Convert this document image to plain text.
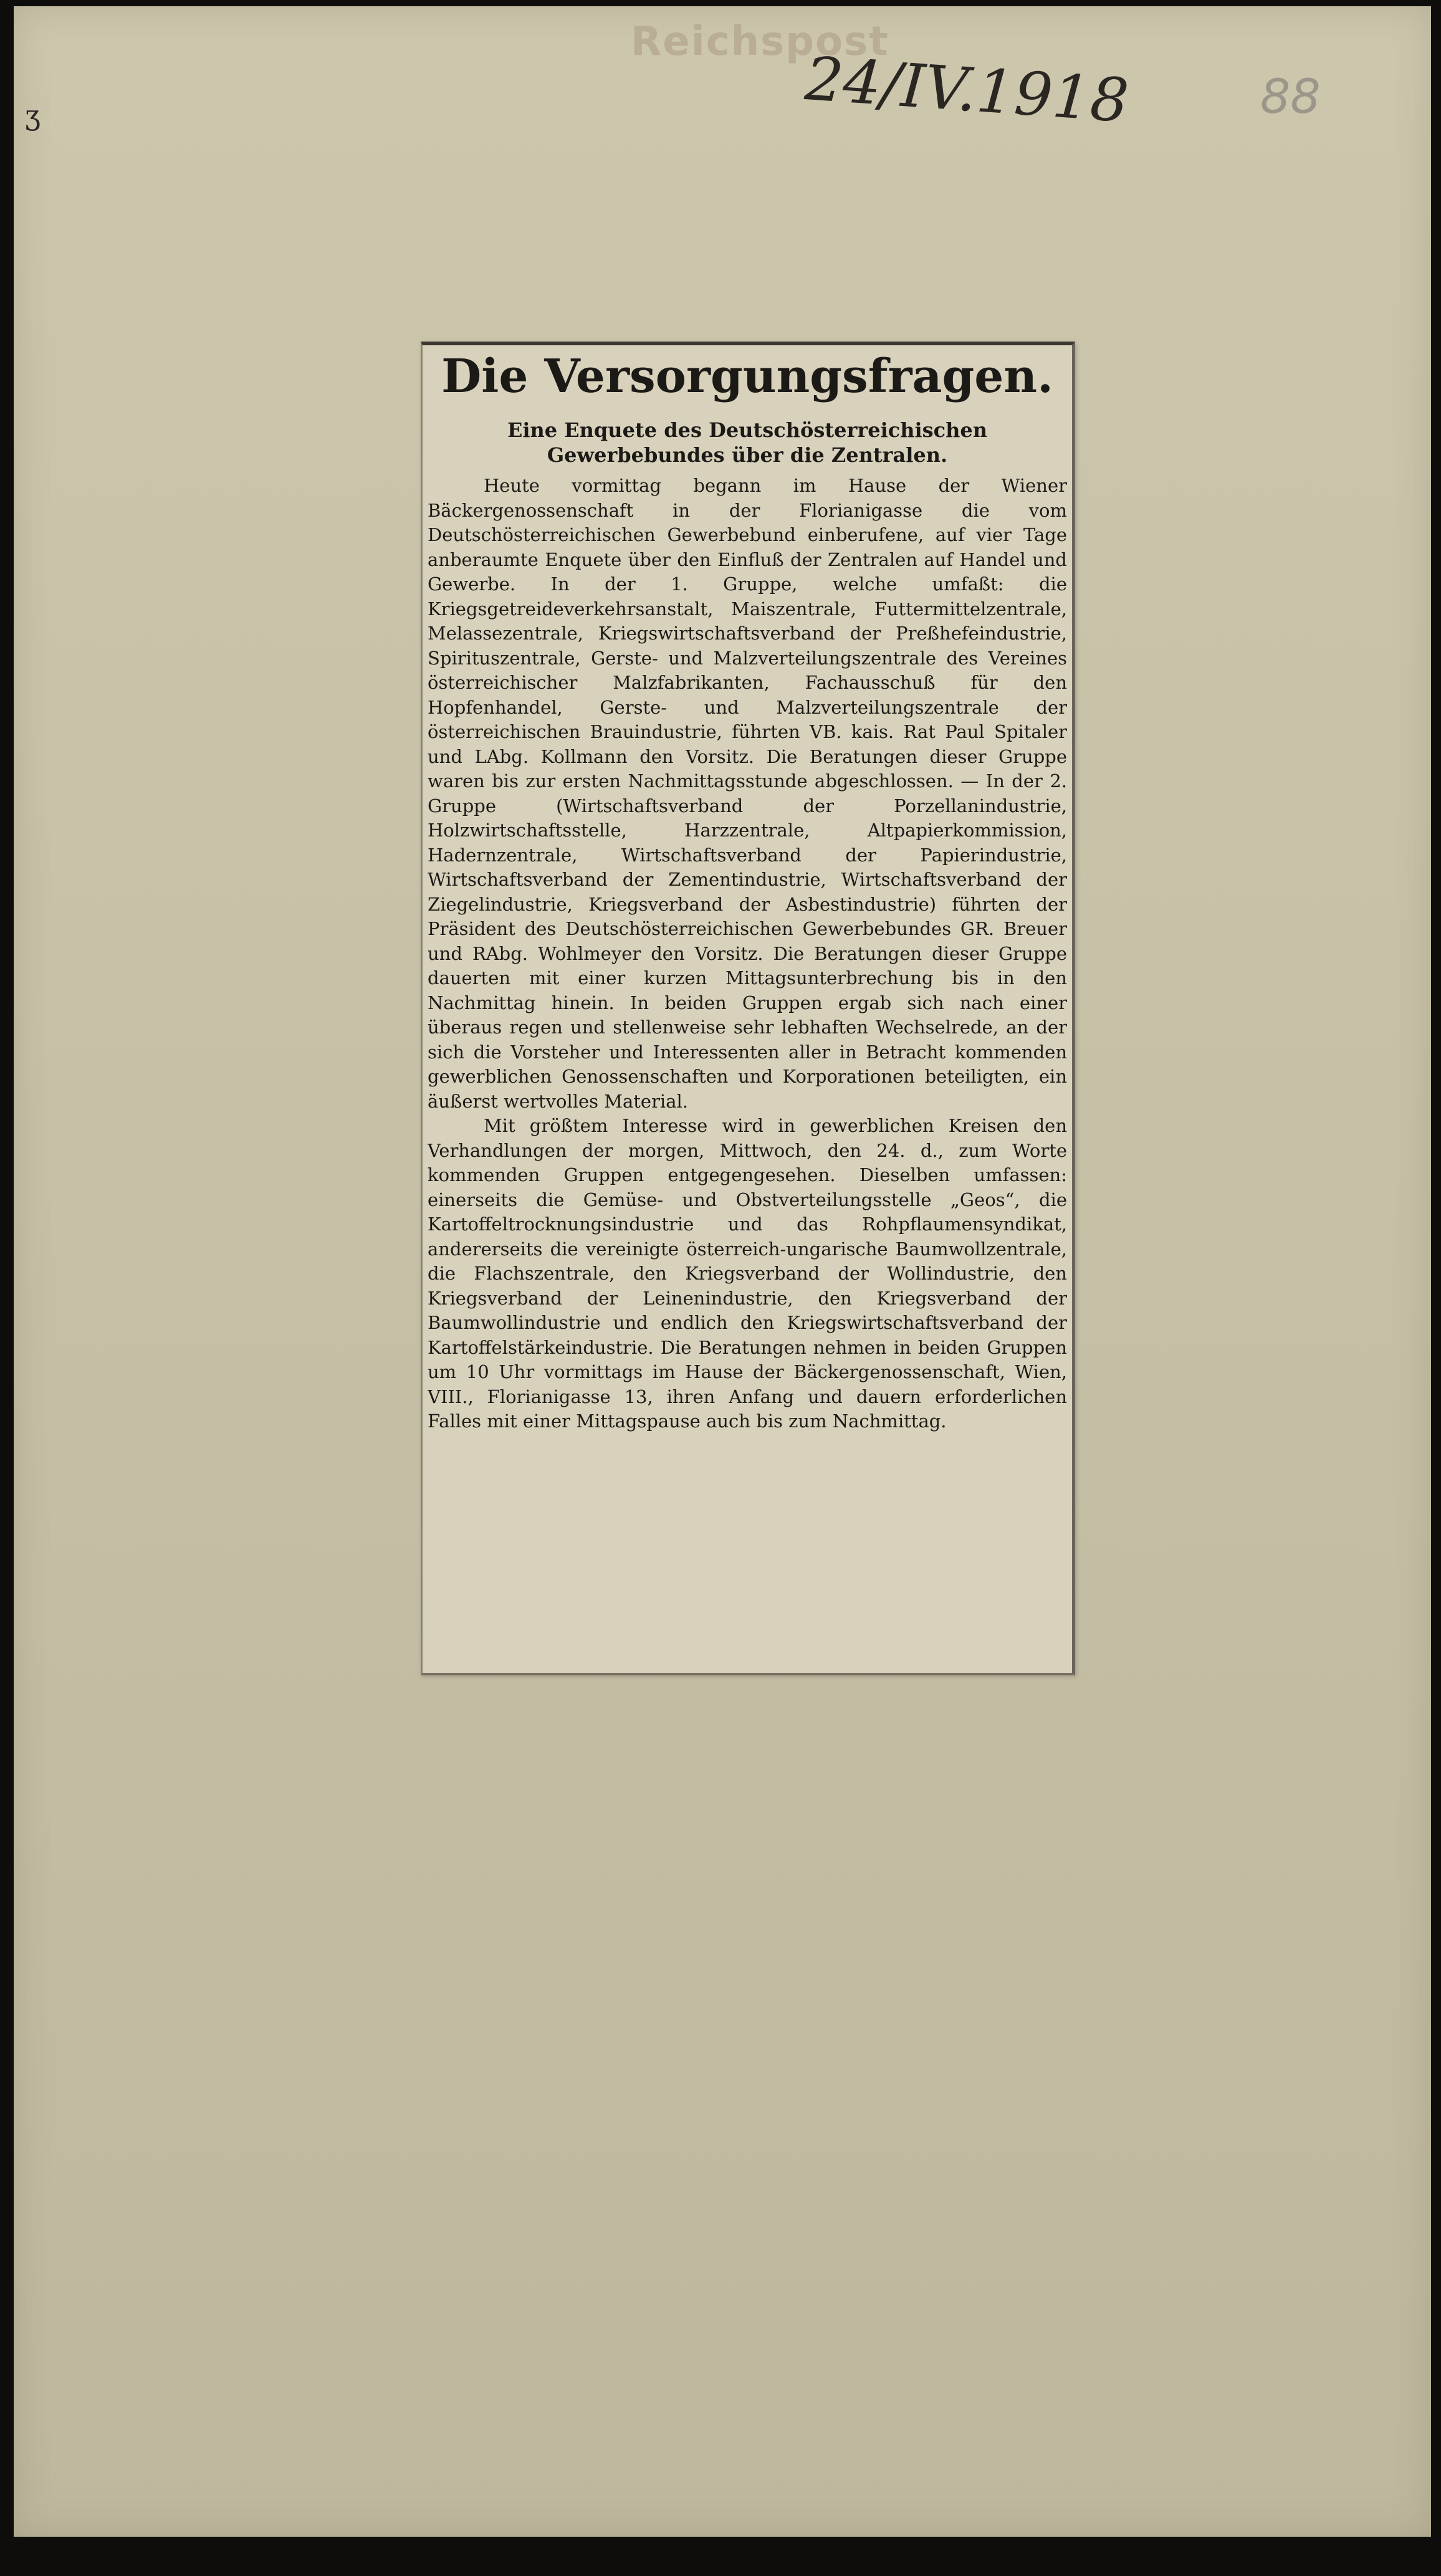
Reichspost
24/IV.1918	88
ʒ
Die Versorgungsfragen.
Eine Enquete des Deutschösterreichischen Gewerbebundes über die Zentralen.
Heute vormittag begann im Hause der Wiener Bäckergenossenschaft in der Florianigasse die vom Deutschösterreichischen Gewerbebund einberufene, auf vier Tage anberaumte Enquete über den Einfluß der Zentralen auf Handel und Gewerbe. In der 1. Gruppe, welche umfaßt: die Kriegsgetreideverkehrsanstalt, Maiszentrale, Futtermittelzentrale, Melassezentrale, Kriegswirtschaftsverband der Preßhefeindustrie, Spirituszentrale, Gerste- und Malzverteilungszentrale des Vereines österreichischer Malzfabrikanten, Fachausschuß für den Hopfenhandel, Gerste- und Malzverteilungszentrale der österreichischen Brauindustrie, führten VB. kais. Rat Paul Spitaler und LAbg. Kollmann den Vorsitz. Die Beratungen dieser Gruppe waren bis zur ersten Nachmittagsstunde abgeschlossen. — In der 2. Gruppe (Wirtschaftsverband der Porzellanindustrie, Holzwirtschaftsstelle, Harzzentrale, Altpapierkommission, Hadernzentrale, Wirtschaftsverband der Papierindustrie, Wirtschaftsverband der Zementindustrie, Wirtschaftsverband der Ziegelindustrie, Kriegsverband der Asbestindustrie) führten der Präsident des Deutschösterreichischen Gewerbebundes GR. Breuer und RAbg. Wohlmeyer den Vorsitz. Die Beratungen dieser Gruppe dauerten mit einer kurzen Mittagsunterbrechung bis in den Nachmittag hinein. In beiden Gruppen ergab sich nach einer überaus regen und stellenweise sehr lebhaften Wechselrede, an der sich die Vorsteher und Interessenten aller in Betracht kommenden gewerblichen Genossenschaften und Korporationen beteiligten, ein äußerst wertvolles Material.
Mit größtem Interesse wird in gewerblichen Kreisen den Verhandlungen der morgen, Mittwoch, den 24. d., zum Worte kommenden Gruppen entgegengesehen. Dieselben umfassen: einerseits die Gemüse- und Obstverteilungsstelle „Geos“, die Kartoffeltrocknungsindustrie und das Rohpflaumensyndikat, andererseits die vereinigte österreich-ungarische Baumwollzentrale, die Flachszentrale, den Kriegsverband der Wollindustrie, den Kriegsverband der Leinenindustrie, den Kriegsverband der Baumwollindustrie und endlich den Kriegswirtschaftsverband der Kartoffelstärkeindustrie. Die Beratungen nehmen in beiden Gruppen um 10 Uhr vormittags im Hause der Bäckergenossenschaft, Wien, VIII., Florianigasse 13, ihren Anfang und dauern erforderlichen Falles mit einer Mittagspause auch bis zum Nachmittag.
